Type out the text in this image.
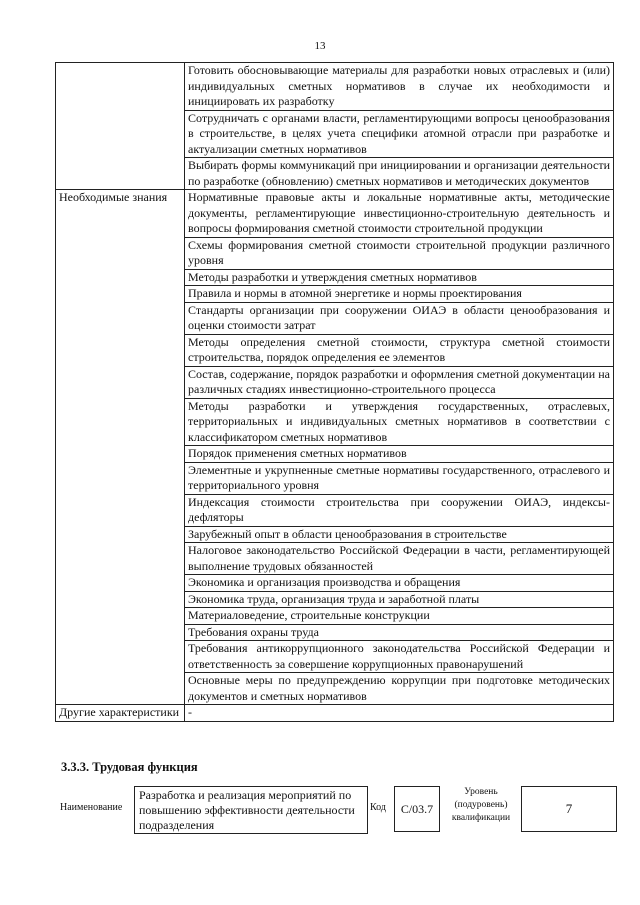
13
	Готовить обосновывающие материалы для разработки новых отраслевых и (или) индивидуальных сметных нормативов в случае их необходимости и инициировать их разработку
	Сотрудничать с органами власти, регламентирующими вопросы ценообразования в строительстве, в целях учета специфики атомной отрасли при разработке и актуализации сметных нормативов
	Выбирать формы коммуникаций при инициировании и организации деятельности по разработке (обновлению) сметных нормативов и методических документов
Необходимые знания	Нормативные правовые акты и локальные нормативные акты, методические документы, регламентирующие инвестиционно-строительную деятельность и вопросы формирования сметной стоимости строительной продукции
	Схемы формирования сметной стоимости строительной продукции различного уровня
	Методы разработки и утверждения сметных нормативов
	Правила и нормы в атомной энергетике и нормы проектирования
	Стандарты организации при сооружении ОИАЭ в области ценообразования и оценки стоимости затрат
	Методы определения сметной стоимости, структура сметной стоимости строительства, порядок определения ее элементов
	Состав, содержание, порядок разработки и оформления сметной документации на различных стадиях инвестиционно-строительного процесса
	Методы разработки и утверждения государственных, отраслевых, территориальных и индивидуальных сметных нормативов в соответствии с классификатором сметных нормативов
	Порядок применения сметных нормативов
	Элементные и укрупненные сметные нормативы государственного, отраслевого и территориального уровня
	Индексация стоимости строительства при сооружении ОИАЭ, индексы-дефляторы
	Зарубежный опыт в области ценообразования в строительстве
	Налоговое законодательство Российской Федерации в части, регламентирующей выполнение трудовых обязанностей
	Экономика и организация производства и обращения
	Экономика труда, организация труда и заработной платы
	Материаловедение, строительные конструкции
	Требования охраны труда
	Требования антикоррупционного законодательства Российской Федерации и ответственность за совершение коррупционных правонарушений
	Основные меры по предупреждению коррупции при подготовке методических документов и сметных нормативов
Другие характеристики	-
3.3.3. Трудовая функция
Наименование
Разработка и реализация мероприятий по повышению эффективности деятельности подразделения
Код	C/03.7
Уровень (подуровень) квалификации
7
